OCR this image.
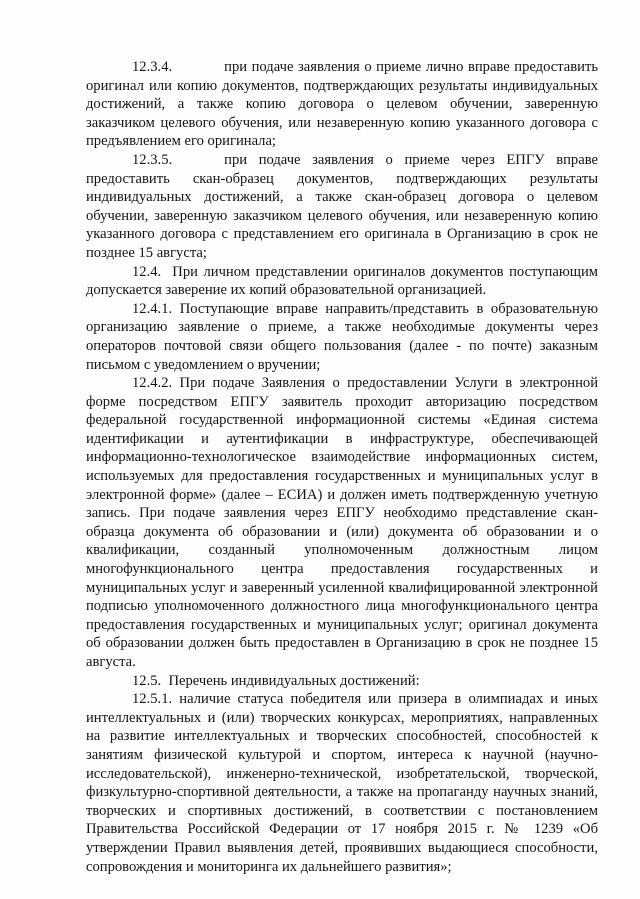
12.3.4.	при подаче заявления о приеме лично вправе предоставить оригинал или копию документов, подтверждающих результаты индивидуальных достижений, а также копию договора о целевом обучении, заверенную заказчиком целевого обучения, или незаверенную копию указанного договора с предъявлением его оригинала;

12.3.5.	при подаче заявления о приеме через ЕПГУ вправе предоставить скан-образец документов, подтверждающих результаты индивидуальных достижений, а также скан-образец договора о целевом обучении, заверенную заказчиком целевого обучения, или незаверенную копию указанного договора с представлением его оригинала в Организацию в срок не позднее 15 августа;

12.4. При личном представлении оригиналов документов поступающим допускается заверение их копий образовательной организацией.

12.4.1. Поступающие вправе направить/представить в образовательную организацию заявление о приеме, а также необходимые документы через операторов почтовой связи общего пользования (далее - по почте) заказным письмом с уведомлением о вручении;

12.4.2. При подаче Заявления о предоставлении Услуги в электронной форме посредством ЕПГУ заявитель проходит авторизацию посредством федеральной государственной информационной системы «Единая система идентификации и аутентификации в инфраструктуре, обеспечивающей информационно-технологическое взаимодействие информационных систем, используемых для предоставления государственных и муниципальных услуг в электронной форме» (далее – ЕСИА) и должен иметь подтвержденную учетную запись. При подаче заявления через ЕПГУ необходимо представление скан-образца документа об образовании и (или) документа об образовании и о квалификации, созданный уполномоченным должностным лицом многофункционального центра предоставления государственных и муниципальных услуг и заверенный усиленной квалифицированной электронной подписью уполномоченного должностного лица многофункционального центра предоставления государственных и муниципальных услуг; оригинал документа об образовании должен быть предоставлен в Организацию в срок не позднее 15 августа.

12.5. Перечень индивидуальных достижений:

12.5.1. наличие статуса победителя или призера в олимпиадах и иных интеллектуальных и (или) творческих конкурсах, мероприятиях, направленных на развитие интеллектуальных и творческих способностей, способностей к занятиям физической культурой и спортом, интереса к научной (научно-исследовательской), инженерно-технической, изобретательской, творческой, физкультурно-спортивной деятельности, а также на пропаганду научных знаний, творческих и спортивных достижений, в соответствии с постановлением Правительства Российской Федерации от 17 ноября 2015 г. № 1239 «Об утверждении Правил выявления детей, проявивших выдающиеся способности, сопровождения и мониторинга их дальнейшего развития»;
